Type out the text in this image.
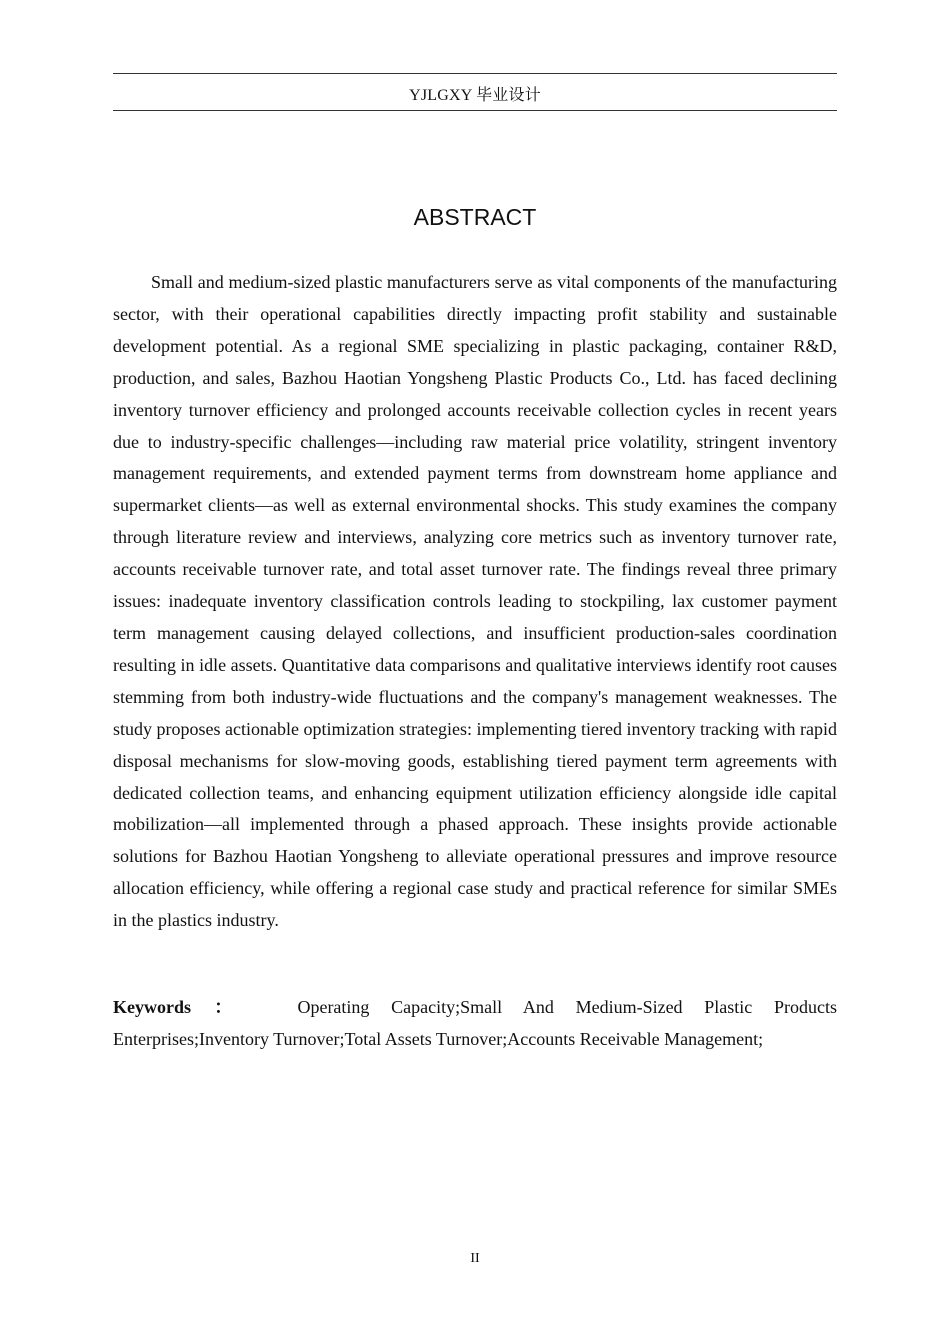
YJLGXY 毕业设计
ABSTRACT

Small and medium-sized plastic manufacturers serve as vital components of the manufacturing sector, with their operational capabilities directly impacting profit stability and sustainable development potential. As a regional SME specializing in plastic packaging, container R&D, production, and sales, Bazhou Haotian Yongsheng Plastic Products Co., Ltd. has faced declining inventory turnover efficiency and prolonged accounts receivable collection cycles in recent years due to industry-specific challenges—including raw material price volatility, stringent inventory management requirements, and extended payment terms from downstream home appliance and supermarket clients—as well as external environmental shocks. This study examines the company through literature review and interviews, analyzing core metrics such as inventory turnover rate, accounts receivable turnover rate, and total asset turnover rate. The findings reveal three primary issues: inadequate inventory classification controls leading to stockpiling, lax customer payment term management causing delayed collections, and insufficient production-sales coordination resulting in idle assets. Quantitative data comparisons and qualitative interviews identify root causes stemming from both industry-wide fluctuations and the company's management weaknesses. The study proposes actionable optimization strategies: implementing tiered inventory tracking with rapid disposal mechanisms for slow-moving goods, establishing tiered payment term agreements with dedicated collection teams, and enhancing equipment utilization efficiency alongside idle capital mobilization—all implemented through a phased approach. These insights provide actionable solutions for Bazhou Haotian Yongsheng to alleviate operational pressures and improve resource allocation efficiency, while offering a regional case study and practical reference for similar SMEs in the plastics industry.

Keywords ：	Operating Capacity;Small And Medium-Sized Plastic Products Enterprises;Inventory Turnover;Total Assets Turnover;Accounts Receivable Management;

II
